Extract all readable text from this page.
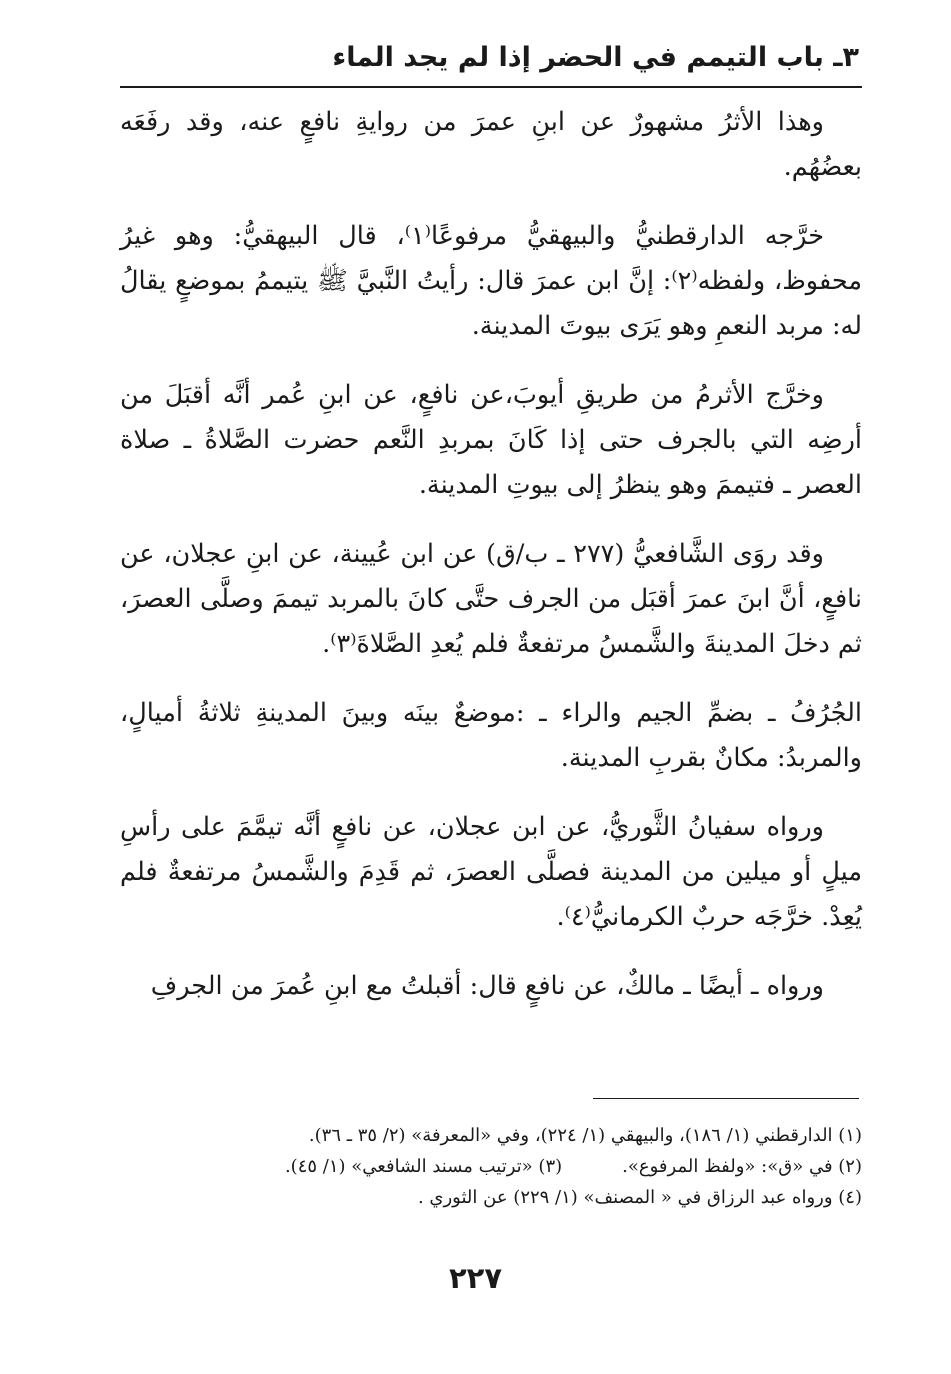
٣ـ باب التيمم في الحضر إذا لم يجد الماء

وهذا الأثرُ مشهورٌ عن ابنِ عمرَ من روايةِ نافعٍ عنه، وقد رفَعَه بعضُهُم.

خرَّجه الدارقطنيُّ والبيهقيُّ مرفوعًا⁽١⁾، قال البيهقيُّ: وهو غيرُ محفوظ، ولفظه⁽٢⁾: إنَّ ابن عمرَ قال: رأيتُ النَّبيَّ ﷺ يتيممُ بموضعٍ يقالُ له: مربد النعمِ وهو يَرَى بيوتَ المدينة.

وخرَّج الأثرمُ من طريقِ أيوبَ،عن نافعٍ، عن ابنِ عُمر أنَّه أقبَلَ من أرضِه التي بالجرف حتى إذا كَانَ بمربدِ النَّعم حضرت الصَّلاةُ ـ صلاة العصر ـ فتيممَ وهو ينظرُ إلى بيوتِ المدينة.

وقد روَى الشَّافعيُّ (٢٧٧ ـ ب/ق) عن ابن عُيينة، عن ابنِ عجلان، عن نافعٍ، أنَّ ابنَ عمرَ أقبَل من الجرف حتَّى كانَ بالمربد تيممَ وصلَّى العصرَ، ثم دخلَ المدينةَ والشَّمسُ مرتفعةٌ فلم يُعدِ الصَّلاةَ⁽٣⁾.

الجُرُفُ ـ بضمِّ الجيم والراء ـ :موضعٌ بينَه وبينَ المدينةِ ثلاثةُ أميالٍ، والمربدُ: مكانٌ بقربِ المدينة.

ورواه سفيانُ الثَّوريُّ، عن ابن عجلان، عن نافعٍ أنَّه تيمَّمَ على رأسِ ميلٍ أو ميلين من المدينة فصلَّى العصرَ، ثم قَدِمَ والشَّمسُ مرتفعةٌ فلم يُعِدْ. خرَّجَه حربٌ الكرمانيُّ⁽٤⁾.

ورواه ـ أيضًا ـ مالكٌ، عن نافعٍ قال: أقبلتُ مع ابنِ عُمرَ من الجرفِ

(١) الدارقطني (١/ ١٨٦)، والبيهقي (١/ ٢٢٤)، وفي «المعرفة» (٢/ ٣٥ ـ ٣٦).
(٢) في «ق»: «ولفظ المرفوع».(٣) «ترتيب مسند الشافعي» (١/ ٤٥).
(٤) ورواه عبد الرزاق في « المصنف» (١/ ٢٢٩) عن الثوري .
٢٢٧
